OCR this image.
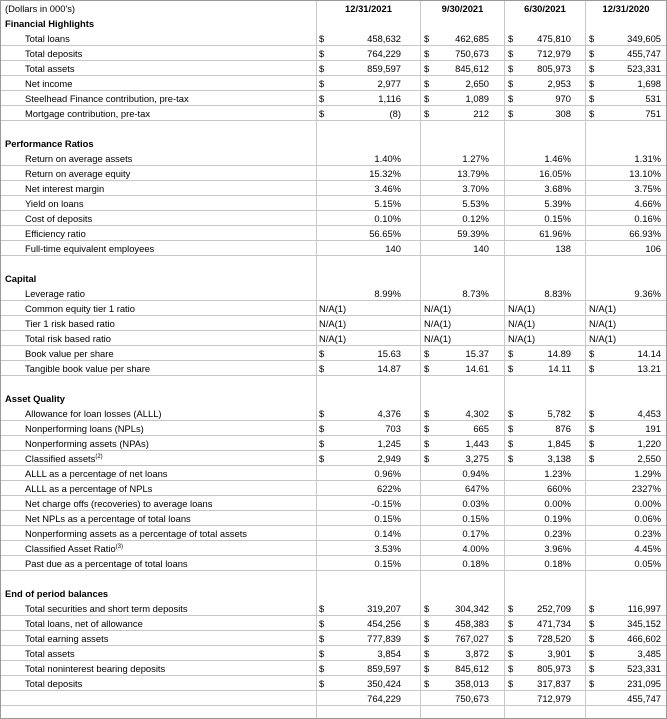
(Dollars in 000's)	12/31/2021	9/30/2021	6/30/2021	12/31/2020
Financial Highlights
Total loans	$	458,632 $	462,685 $	475,810 $	349,605
Total deposits	$	764,229 $	750,673 $	712,979 $	455,747
Total assets	$	859,597 $	845,612 $	805,973 $	523,331
Net income	$	2,977 $	2,650 $	2,953 $	1,698
Steelhead Finance contribution, pre-tax	$	1,116 $	1,089 $	970 $	531
Mortgage contribution, pre-tax	$	(8) $	212 $	308 $	751
Performance Ratios
Return on average assets	1.40%	1.27%	1.46%	1.31%
Return on average equity	15.32%	13.79%	16.05%	13.10%
Net interest margin	3.46%	3.70%	3.68%	3.75%
Yield on loans	5.15%	5.53%	5.39%	4.66%
Cost of deposits	0.10%	0.12%	0.15%	0.16%
Efficiency ratio	56.65%	59.39%	61.96%	66.93%
Full-time equivalent employees	140	140	138	106
Capital
Leverage ratio	8.99%	8.73%	8.83%	9.36%
Common equity tier 1 ratio	N/A(1)	N/A(1)	N/A(1)	N/A(1)
Tier 1 risk based ratio	N/A(1)	N/A(1)	N/A(1)	N/A(1)
Total risk based ratio	N/A(1)	N/A(1)	N/A(1)	N/A(1)
Book value per share	$	15.63 $	15.37 $	14.89 $	14.14
Tangible book value per share	$	14.87 $	14.61 $	14.11 $	13.21
Asset Quality
Allowance for loan losses (ALLL)	$	4,376 $	4,302 $	5,782 $	4,453
Nonperforming loans (NPLs)	$	703 $	665 $	876 $	191
Nonperforming assets (NPAs)	$	1,245 $	1,443 $	1,845 $	1,220
Classified assets$^{(2)}$	$	2,949 $	3,275 $	3,138 $	2,550
ALLL as a percentage of net loans	0.96%	0.94%	1.23%	1.29%
ALLL as a percentage of NPLs	622%	647%	660%	2327%
Net charge offs (recoveries) to average loans	-0.15%	0.03%	0.00%	0.00%
Net NPLs as a percentage of total loans	0.15%	0.15%	0.19%	0.06%
Nonperforming assets as a percentage of total assets	0.14%	0.17%	0.23%	0.23%
Classified Asset Ratio$^{(3)}$	3.53%	4.00%	3.96%	4.45%
Past due as a percentage of total loans	0.15%	0.18%	0.18%	0.05%
End of period balances
Total securities and short term deposits	$	319,207 $	304,342 $	252,709 $	116,997
Total loans, net of allowance	$	454,256 $	458,383 $	471,734 $	345,152
Total earning assets	$	777,839 $	767,027 $	728,520 $	466,602
Total assets	$	3,854 $	3,872 $	3,901 $	3,485
Total noninterest bearing deposits	$	859,597 $	845,612 $	805,973 $	523,331
Total deposits	$	350,424 $	358,013 $	317,837 $	231,095
764,229	750,673	712,979	455,747
